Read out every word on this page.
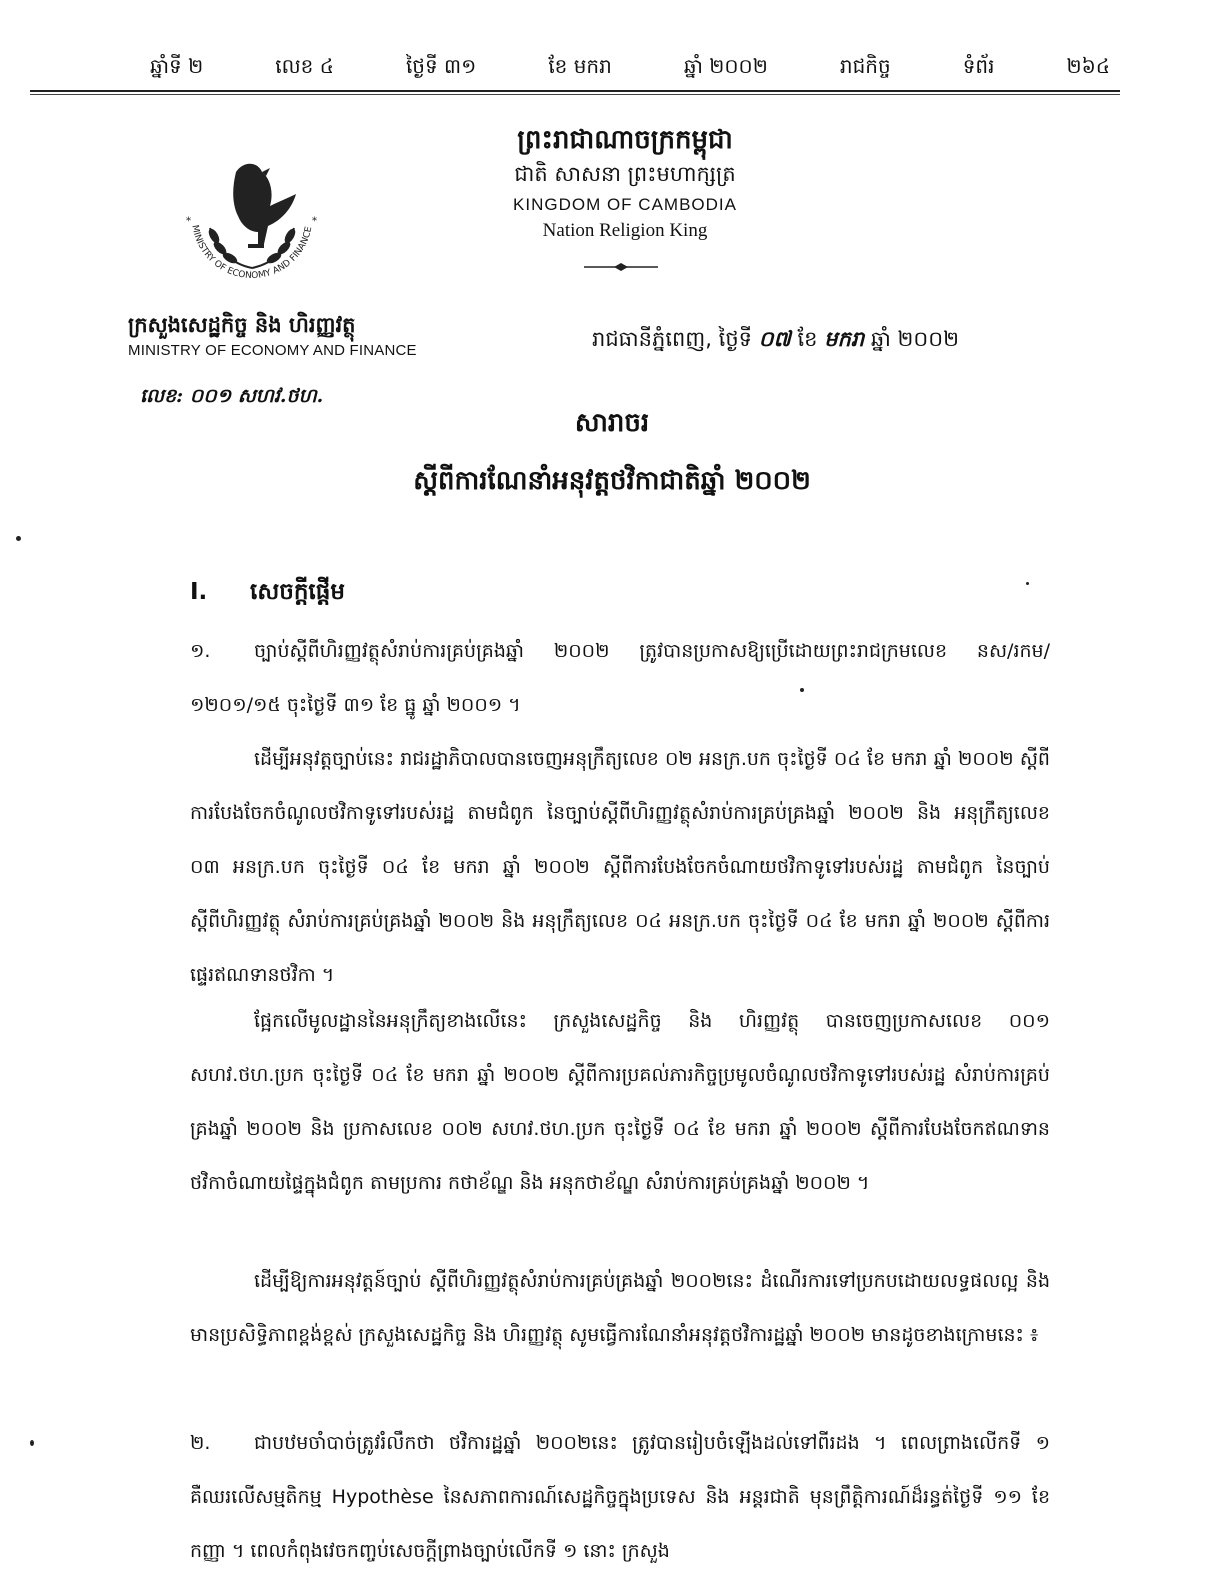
ឆ្នាំទី ២	លេខ ៤	ថ្ងៃទី ៣១	ខែ មករា	ឆ្នាំ ២០០២	រាជកិច្ច	ទំព័រ	២៦៤
MINISTRY OF ECONOMY AND FINANCE
*	*
ក្រសួងសេដ្ឋកិច្ច និង ហិរញ្ញវត្ថុ
MINISTRY OF ECONOMY AND FINANCE
លេខ: ០០១ សហវ.ថហ.
ព្រះរាជាណាចក្រកម្ពុជា
ជាតិ សាសនា ព្រះមហាក្សត្រ
KINGDOM OF CAMBODIA
Nation Religion King
រាជធានីភ្នំពេញ, ថ្ងៃទី ០៧ ខែ មករា ឆ្នាំ ២០០២
សារាចរ
ស្តីពីការណែនាំអនុវត្តថវិកាជាតិឆ្នាំ ២០០២
I. សេចក្តីផ្តើម

១. ច្បាប់ស្តីពីហិរញ្ញវត្ថុសំរាប់ការគ្រប់គ្រងឆ្នាំ ២០០២ ត្រូវបានប្រកាសឱ្យប្រើដោយព្រះរាជក្រមលេខ នស/រកម/១២០១/១៥ ចុះថ្ងៃទី ៣១ ខែ ធ្នូ ឆ្នាំ ២០០១ ។

ដើម្បីអនុវត្តច្បាប់នេះ រាជរដ្ឋាភិបាលបានចេញអនុក្រឹត្យលេខ ០២ អនក្រ.បក ចុះថ្ងៃទី ០៤ ខែ មករា ឆ្នាំ ២០០២ ស្តីពីការបែងចែកចំណូលថវិកាទូទៅរបស់រដ្ឋ តាមជំពូក នៃច្បាប់ស្តីពីហិរញ្ញវត្ថុសំរាប់ការគ្រប់គ្រងឆ្នាំ ២០០២ និង អនុក្រឹត្យលេខ ០៣ អនក្រ.បក ចុះថ្ងៃទី ០៤ ខែ មករា ឆ្នាំ ២០០២ ស្តីពីការបែងចែកចំណាយថវិកាទូទៅរបស់រដ្ឋ តាមជំពូក នៃច្បាប់ស្តីពីហិរញ្ញវត្ថុ សំរាប់ការគ្រប់គ្រងឆ្នាំ ២០០២ និង អនុក្រឹត្យលេខ ០៤ អនក្រ.បក ចុះថ្ងៃទី ០៤ ខែ មករា ឆ្នាំ ២០០២ ស្តីពីការផ្ទេរឥណទានថវិកា ។

ផ្អែកលើមូលដ្ឋាននៃអនុក្រឹត្យខាងលើនេះ ក្រសួងសេដ្ឋកិច្ច និង ហិរញ្ញវត្ថុ បានចេញប្រកាសលេខ ០០១ សហវ.ថហ.ប្រក ចុះថ្ងៃទី ០៤ ខែ មករា ឆ្នាំ ២០០២ ស្តីពីការប្រគល់ភារកិច្ចប្រមូលចំណូលថវិកាទូទៅរបស់រដ្ឋ សំរាប់ការគ្រប់គ្រងឆ្នាំ ២០០២ និង ប្រកាសលេខ ០០២ សហវ.ថហ.ប្រក ចុះថ្ងៃទី ០៤ ខែ មករា ឆ្នាំ ២០០២ ស្តីពីការបែងចែកឥណទានថវិកាចំណាយផ្ទៃក្នុងជំពូក តាមប្រការ កថាខ័ណ្ឌ និង អនុកថាខ័ណ្ឌ សំរាប់ការគ្រប់គ្រងឆ្នាំ ២០០២ ។

ដើម្បីឱ្យការអនុវត្តន៍ច្បាប់ ស្តីពីហិរញ្ញវត្ថុសំរាប់ការគ្រប់គ្រងឆ្នាំ ២០០២នេះ ដំណើរការទៅប្រកបដោយលទ្ធផលល្អ និង មានប្រសិទ្ធិភាពខ្ពង់ខ្ពស់ ក្រសួងសេដ្ឋកិច្ច និង ហិរញ្ញវត្ថុ សូមធ្វើការណែនាំអនុវត្តថវិការដ្ឋឆ្នាំ ២០០២ មានដូចខាងក្រោមនេះ ៖

២. ជាបឋមចាំបាច់ត្រូវរំលឹកថា ថវិការដ្ឋឆ្នាំ ២០០២នេះ ត្រូវបានរៀបចំឡើងដល់ទៅពីរដង ។ ពេលព្រាងលើកទី ១ គឺឈរលើសម្មតិកម្ម Hypothèse នៃសភាពការណ៍សេដ្ឋកិច្ចក្នុងប្រទេស និង អន្តរជាតិ មុនព្រឹត្តិការណ៍ដ៏រន្ធត់ថ្ងៃទី ១១ ខែ កញ្ញា ។ ពេលកំពុងវេចកញ្ចប់សេចក្តីព្រាងច្បាប់លើកទី ១ នោះ ក្រសួង
